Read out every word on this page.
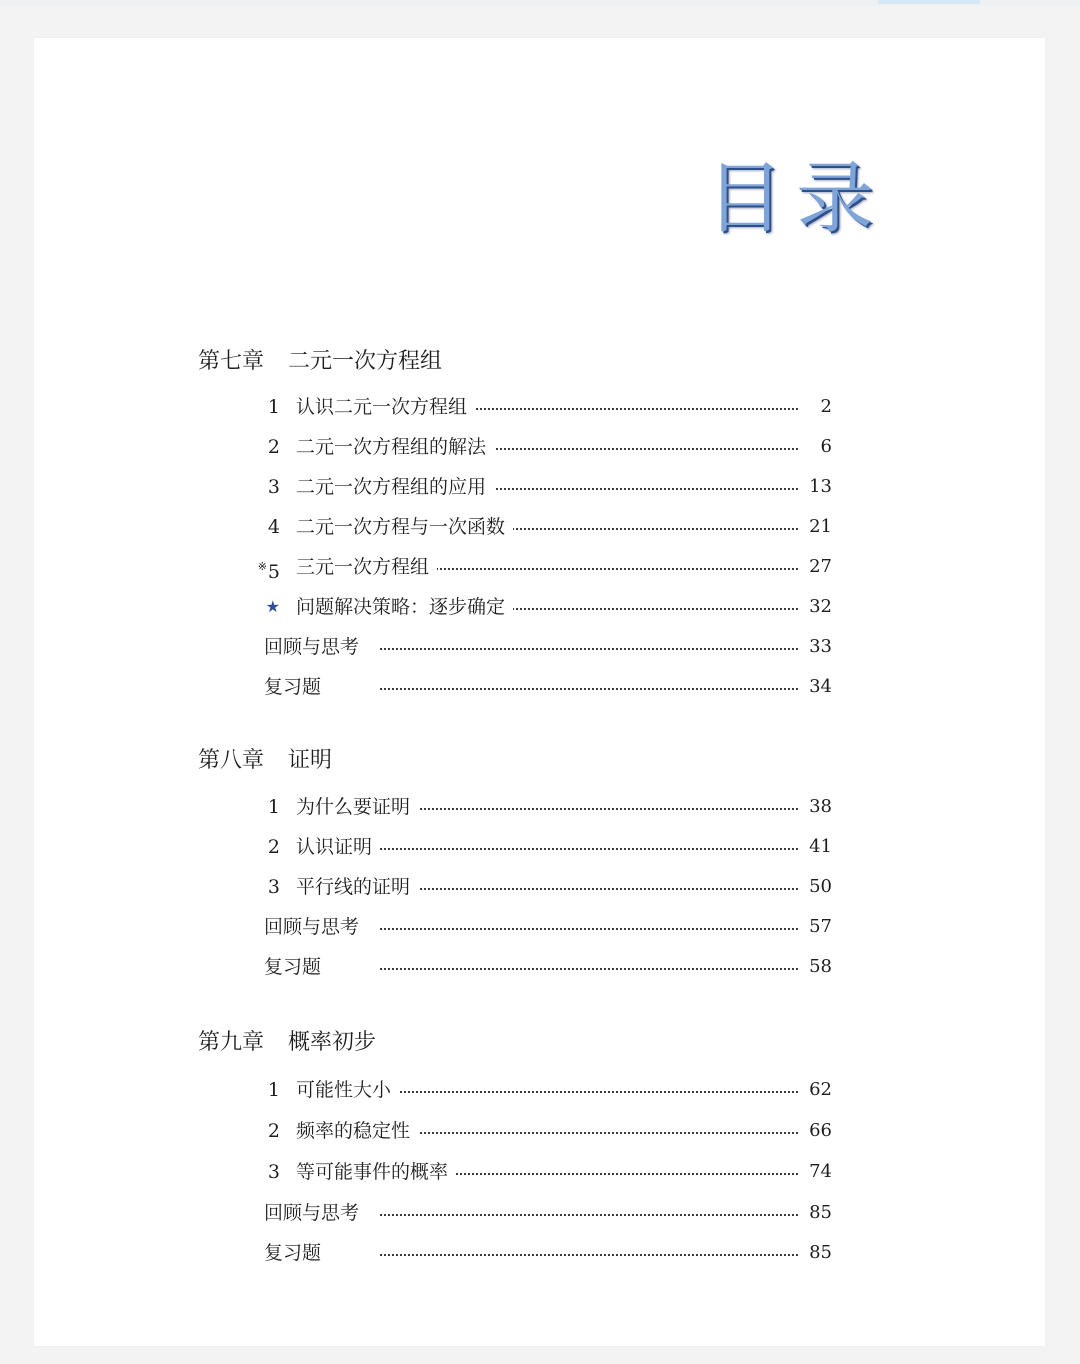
目录
第七章 二元一次方程组
1 认识二元一次方程组	2
2 二元一次方程组的解法	6
3 二元一次方程组的应用	13
4 二元一次方程与一次函数	21
※5 三元一次方程组	27
★ 问题解决策略：逐步确定	32
回顾与思考	33
复习题	34
第八章 证明
1 为什么要证明	38
2 认识证明	41
3 平行线的证明	50
回顾与思考	57
复习题	58
第九章 概率初步
1 可能性大小	62
2 频率的稳定性	66
3 等可能事件的概率	74
回顾与思考	85
复习题	85
